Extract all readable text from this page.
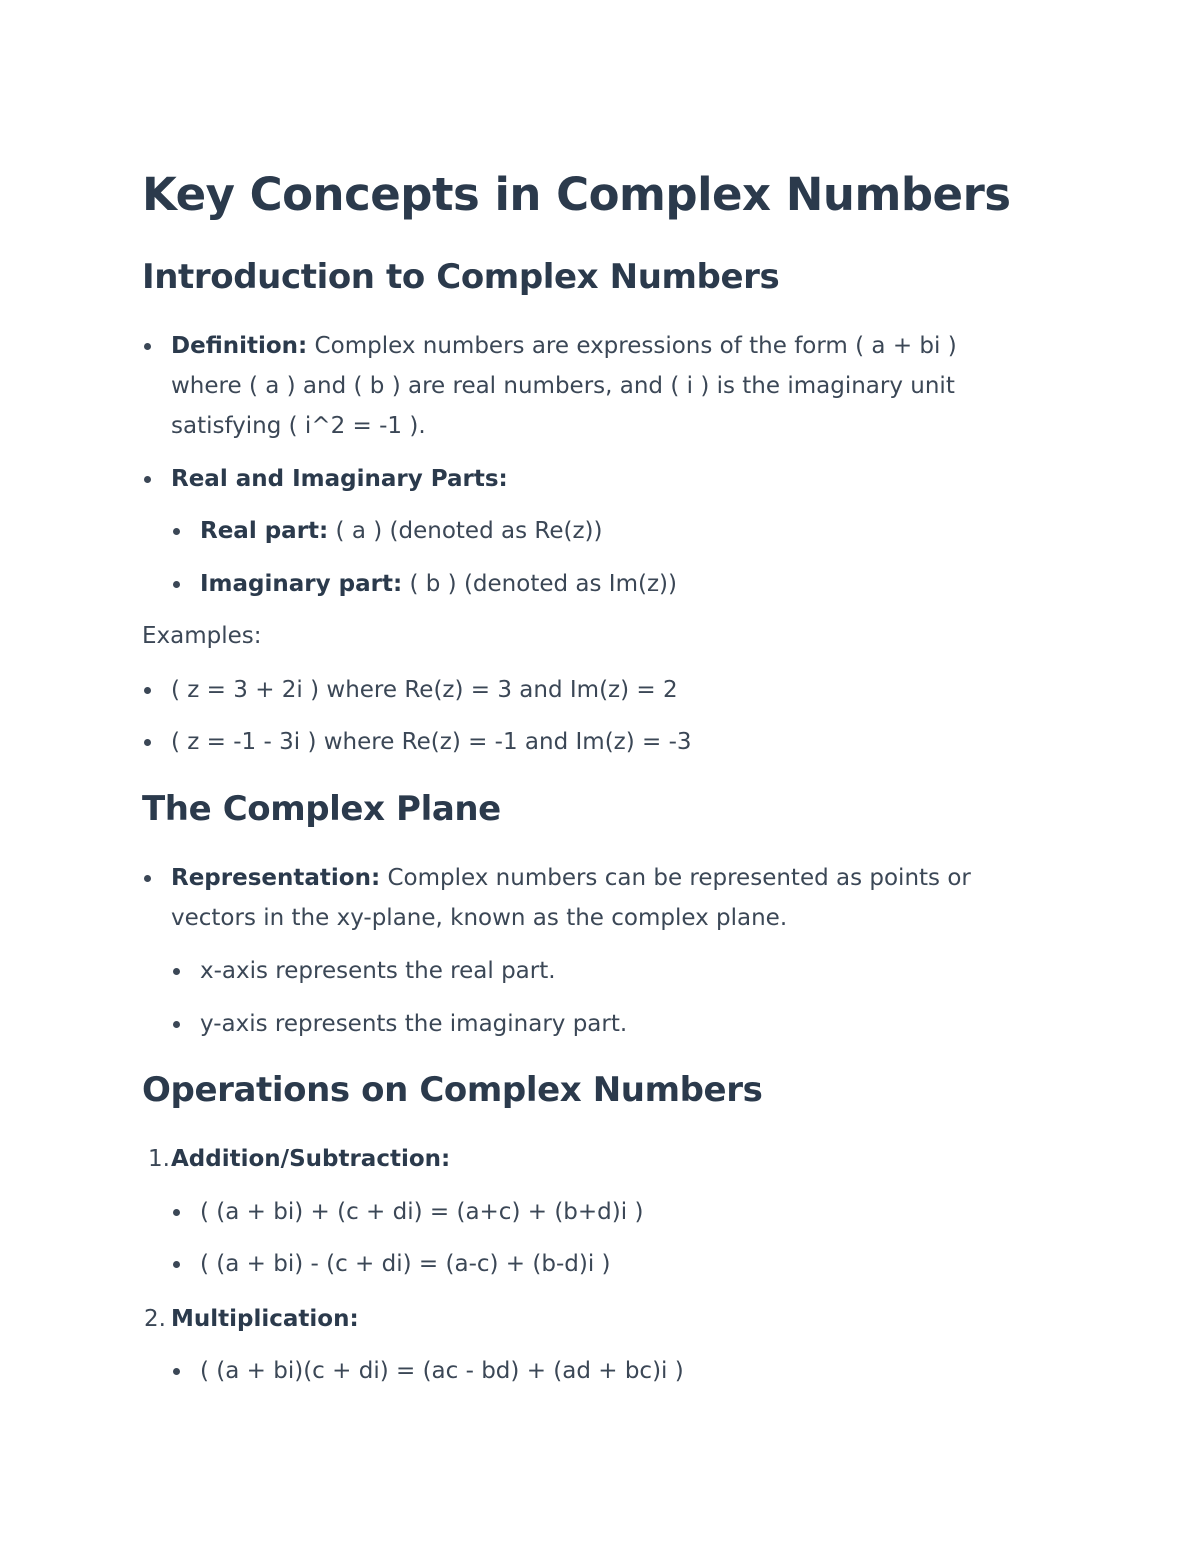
Key Concepts in Complex Numbers
Introduction to Complex Numbers
Definition: Complex numbers are expressions of the form ( a + bi )
where ( a ) and ( b ) are real numbers, and ( i ) is the imaginary unit
satisfying ( i^2 = -1 ).
Real and Imaginary Parts:
Real part: ( a ) (denoted as Re(z))
Imaginary part: ( b ) (denoted as Im(z))
Examples:
( z = 3 + 2i ) where Re(z) = 3 and Im(z) = 2
( z = -1 - 3i ) where Re(z) = -1 and Im(z) = -3
The Complex Plane
Representation: Complex numbers can be represented as points or
vectors in the xy-plane, known as the complex plane.
x-axis represents the real part.
y-axis represents the imaginary part.
Operations on Complex Numbers
1. Addition/Subtraction:
( (a + bi) + (c + di) = (a+c) + (b+d)i )
( (a + bi) - (c + di) = (a-c) + (b-d)i )
2. Multiplication:
( (a + bi)(c + di) = (ac - bd) + (ad + bc)i )
